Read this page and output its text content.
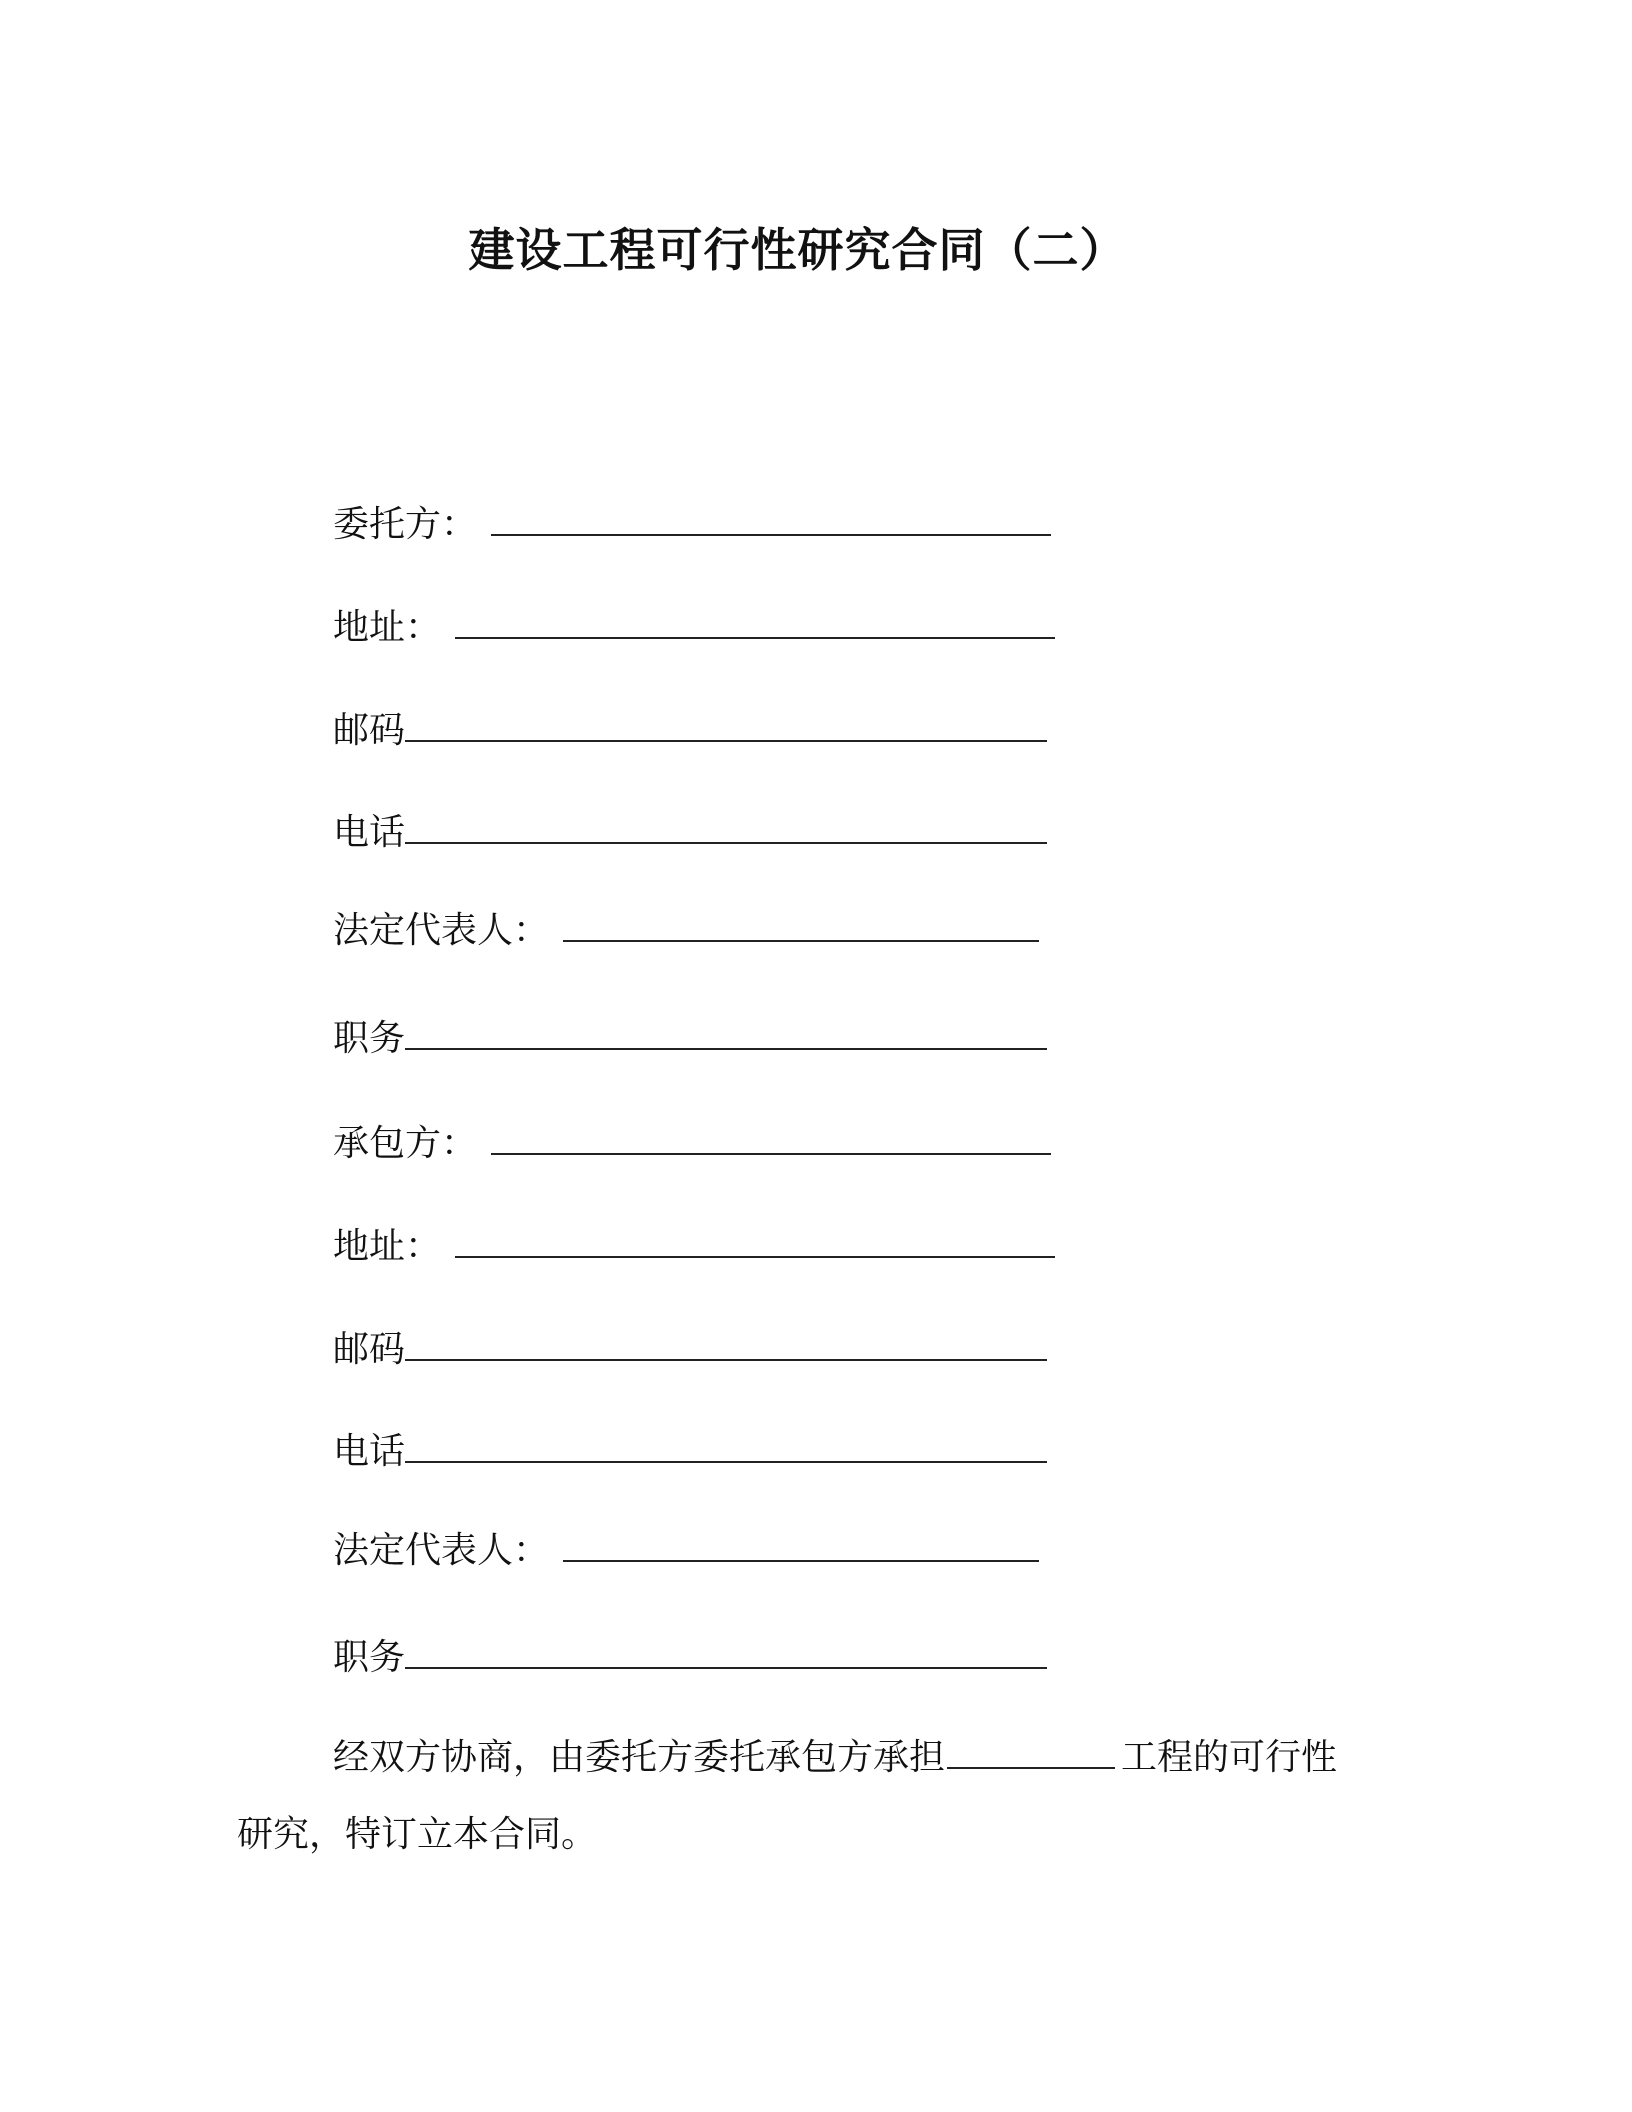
建设工程可行性研究合同（二）
委托方：
地址：
邮码
电话
法定代表人：
职务
承包方：
地址：
邮码
电话
法定代表人：
职务
经双方协商，由委托方委托承包方承担	工程的可行性
研究，特订立本合同。
